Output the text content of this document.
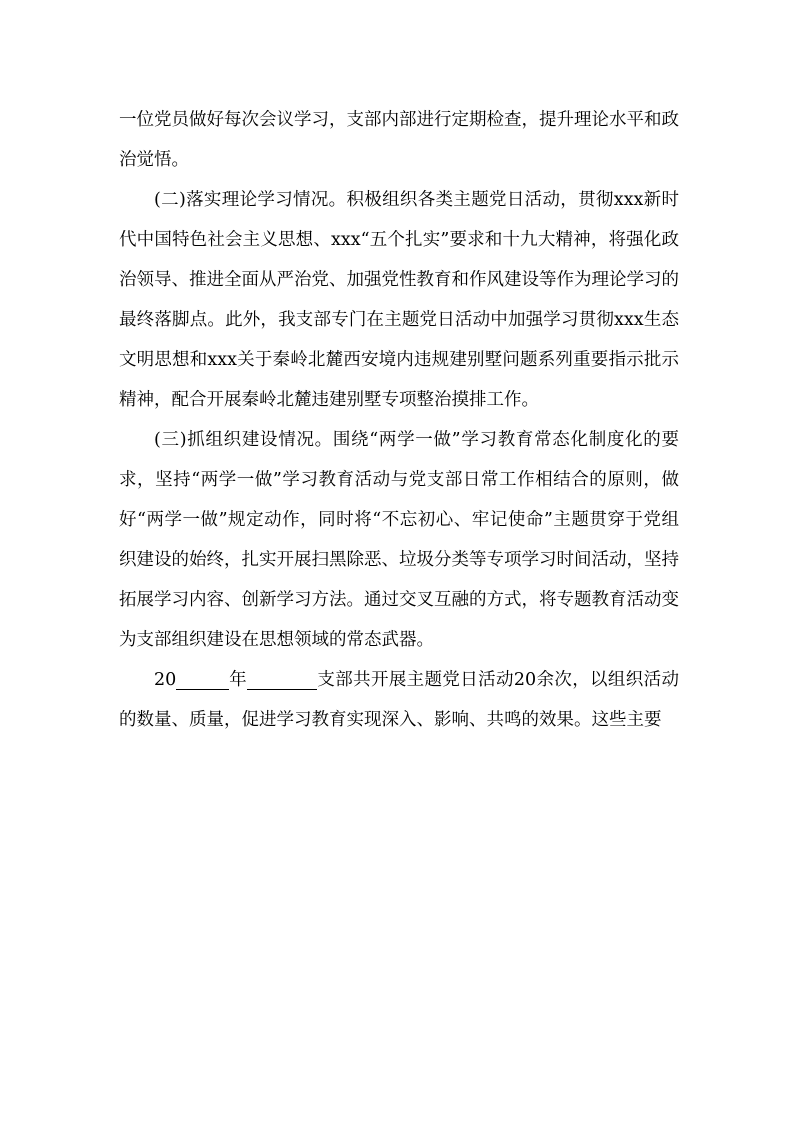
一位党员做好每次会议学习，支部内部进行定期检查，提升理论水平和政治觉悟。

(二)落实理论学习情况。积极组织各类主题党日活动，贯彻xxx新时代中国特色社会主义思想、xxx“五个扎实”要求和十九大精神，将强化政治领导、推进全面从严治党、加强党性教育和作风建设等作为理论学习的最终落脚点。此外，我支部专门在主题党日活动中加强学习贯彻xxx生态文明思想和xxx关于秦岭北麓西安境内违规建别墅问题系列重要指示批示精神，配合开展秦岭北麓违建别墅专项整治摸排工作。

(三)抓组织建设情况。围绕“两学一做”学习教育常态化制度化的要求，坚持“两学一做”学习教育活动与党支部日常工作相结合的原则，做好“两学一做”规定动作，同时将“不忘初心、牢记使命”主题贯穿于党组织建设的始终，扎实开展扫黑除恶、垃圾分类等专项学习时间活动，坚持拓展学习内容、创新学习方法。通过交叉互融的方式，将专题教育活动变为支部组织建设在思想领域的常态武器。

20 	年  	支部共开展主题党日活动20余次，以组织活动的数量、质量，促进学习教育实现深入、影响、共鸣的效果。这些主要
